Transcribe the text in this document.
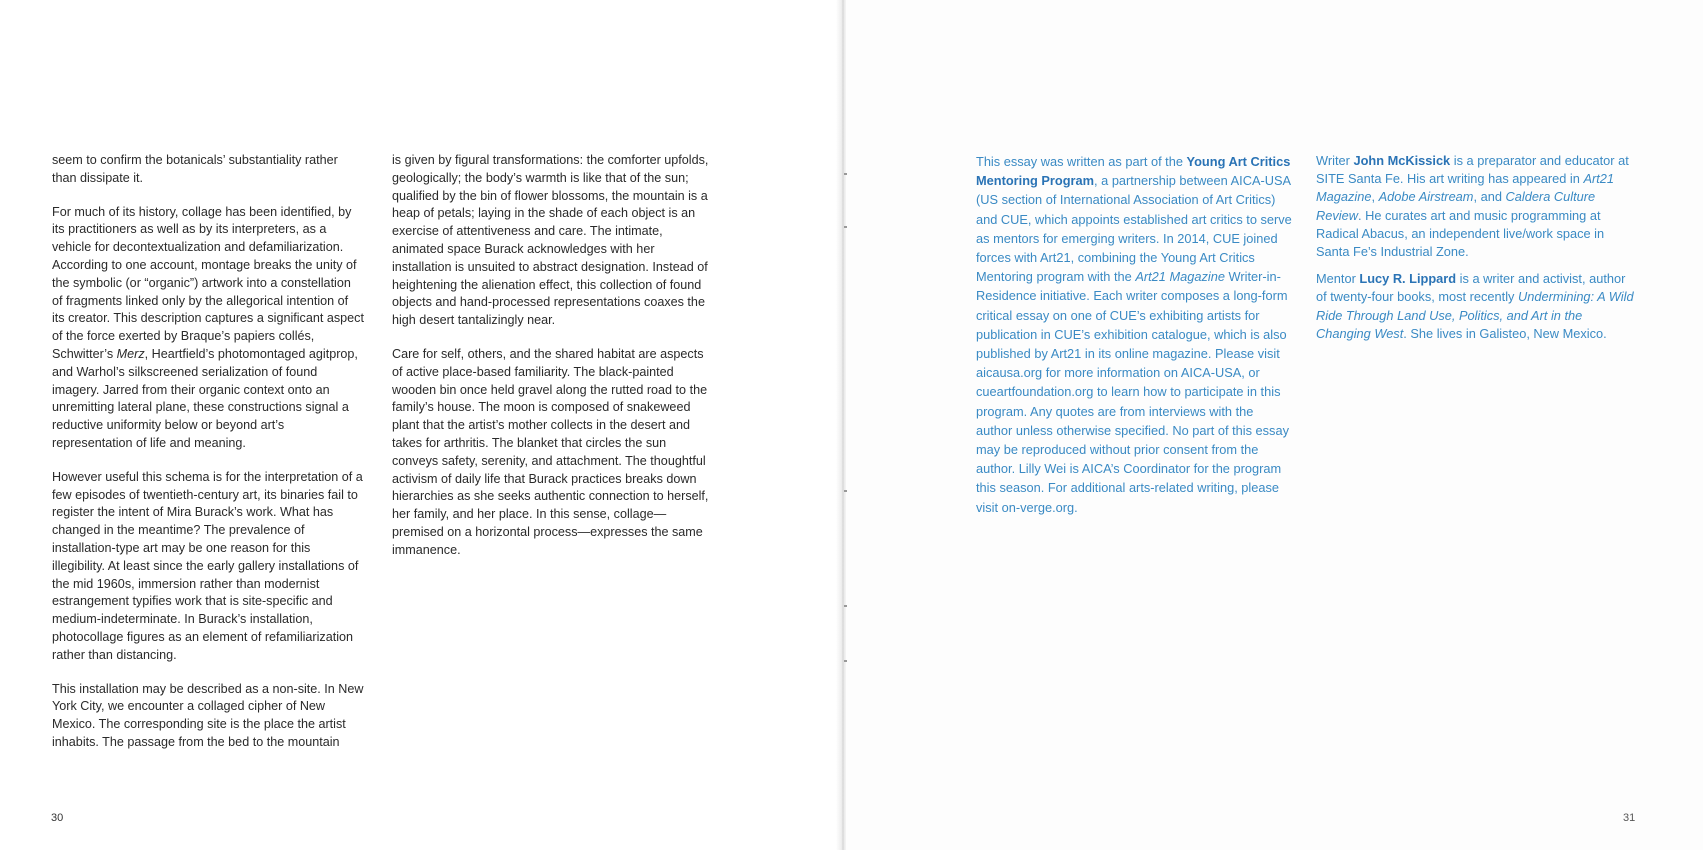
seem to confirm the botanicals’ substantiality rather than dissipate it.

For much of its history, collage has been identified, by its practitioners as well as by its interpreters, as a vehicle for decontextualization and defamiliarization. According to one account, montage breaks the unity of the symbolic (or “organic”) artwork into a constellation of fragments linked only by the allegorical intention of its creator. This description captures a significant aspect of the force exerted by Braque’s papiers collés, Schwitter’s Merz, Heartfield’s photomontaged agitprop, and Warhol’s silkscreened serialization of found imagery. Jarred from their organic context onto an unremitting lateral plane, these constructions signal a reductive uniformity below or beyond art’s representation of life and meaning.

However useful this schema is for the interpretation of a few episodes of twentieth-century art, its binaries fail to register the intent of Mira Burack’s work. What has changed in the meantime? The prevalence of installation-type art may be one reason for this illegibility. At least since the early gallery installations of the mid 1960s, immersion rather than modernist estrangement typifies work that is site-specific and medium-indeterminate. In Burack’s installation, photocollage figures as an element of refamiliarization rather than distancing.

This installation may be described as a non-site. In New York City, we encounter a collaged cipher of New Mexico. The corresponding site is the place the artist inhabits. The passage from the bed to the mountain

is given by figural transformations: the comforter upfolds, geologically; the body’s warmth is like that of the sun; qualified by the bin of flower blossoms, the mountain is a heap of petals; laying in the shade of each object is an exercise of attentiveness and care. The intimate, animated space Burack acknowledges with her installation is unsuited to abstract designation. Instead of heightening the alienation effect, this collection of found objects and hand-processed representations coaxes the high desert tantalizingly near.

Care for self, others, and the shared habitat are aspects of active place-based familiarity. The black-painted wooden bin once held gravel along the rutted road to the family’s house. The moon is composed of snakeweed plant that the artist’s mother collects in the desert and takes for arthritis. The blanket that circles the sun conveys safety, serenity, and attachment. The thoughtful activism of daily life that Burack practices breaks down hierarchies as she seeks authentic connection to herself, her family, and her place. In this sense, collage—premised on a horizontal process—expresses the same immanence.

30
This essay was written as part of the Young Art Critics Mentoring Program, a partnership between AICA-USA (US section of International Association of Art Critics) and CUE, which appoints established art critics to serve as mentors for emerging writers. In 2014, CUE joined forces with Art21, combining the Young Art Critics Mentoring program with the Art21 Magazine Writer-in-Residence initiative. Each writer composes a long-form critical essay on one of CUE’s exhibiting artists for publication in CUE’s exhibition catalogue, which is also published by Art21 in its online magazine. Please visit aicausa.org for more information on AICA-USA, or cueartfoundation.org to learn how to participate in this program. Any quotes are from interviews with the author unless otherwise specified. No part of this essay may be reproduced without prior consent from the author. Lilly Wei is AICA’s Coordinator for the program this season. For additional arts-related writing, please visit on-verge.org.

Writer John McKissick is a preparator and educator at SITE Santa Fe. His art writing has appeared in Art21 Magazine, Adobe Airstream, and Caldera Culture Review. He curates art and music programming at Radical Abacus, an independent live/work space in Santa Fe’s Industrial Zone.

Mentor Lucy R. Lippard is a writer and activist, author of twenty-four books, most recently Undermining: A Wild Ride Through Land Use, Politics, and Art in the Changing West. She lives in Galisteo, New Mexico.

31
